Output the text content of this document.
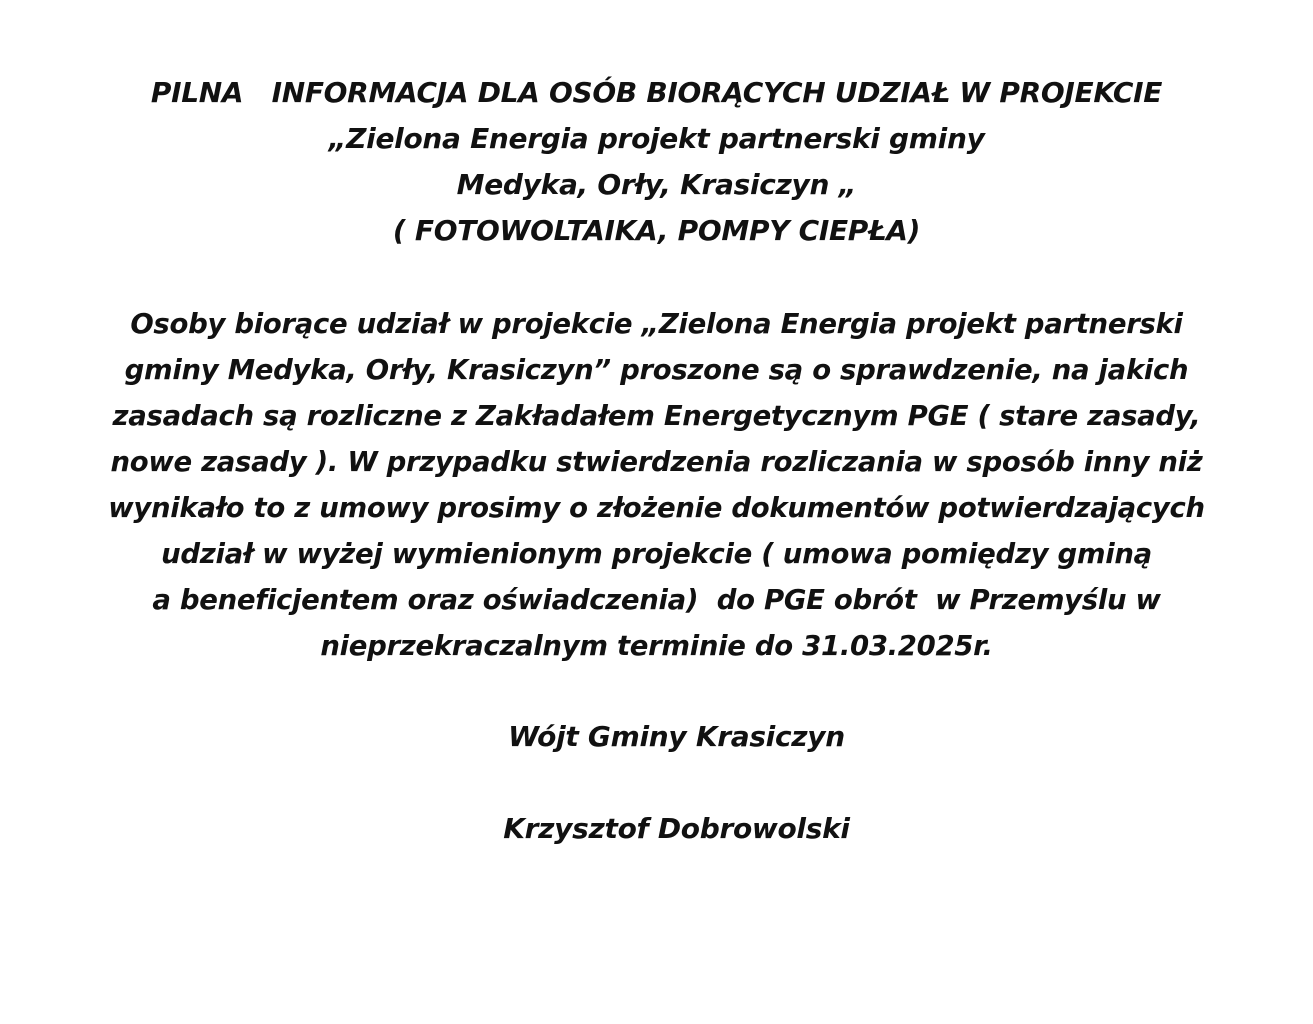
PILNA   INFORMACJA DLA OSÓB BIORĄCYCH UDZIAŁ W PROJEKCIE
„Zielona Energia projekt partnerski gminy
Medyka, Orły, Krasiczyn „
( FOTOWOLTAIKA, POMPY CIEPŁA)
Osoby biorące udział w projekcie „Zielona Energia projekt partnerski
gminy Medyka, Orły, Krasiczyn” proszone są o sprawdzenie, na jakich
zasadach są rozliczne z Zakładałem Energetycznym PGE ( stare zasady,
nowe zasady ). W przypadku stwierdzenia rozliczania w sposób inny niż
wynikało to z umowy prosimy o złożenie dokumentów potwierdzających
udział w wyżej wymienionym projekcie ( umowa pomiędzy gminą
a beneficjentem oraz oświadczenia)  do PGE obrót  w Przemyślu w
nieprzekraczalnym terminie do 31.03.2025r.
Wójt Gminy Krasiczyn
Krzysztof Dobrowolski
